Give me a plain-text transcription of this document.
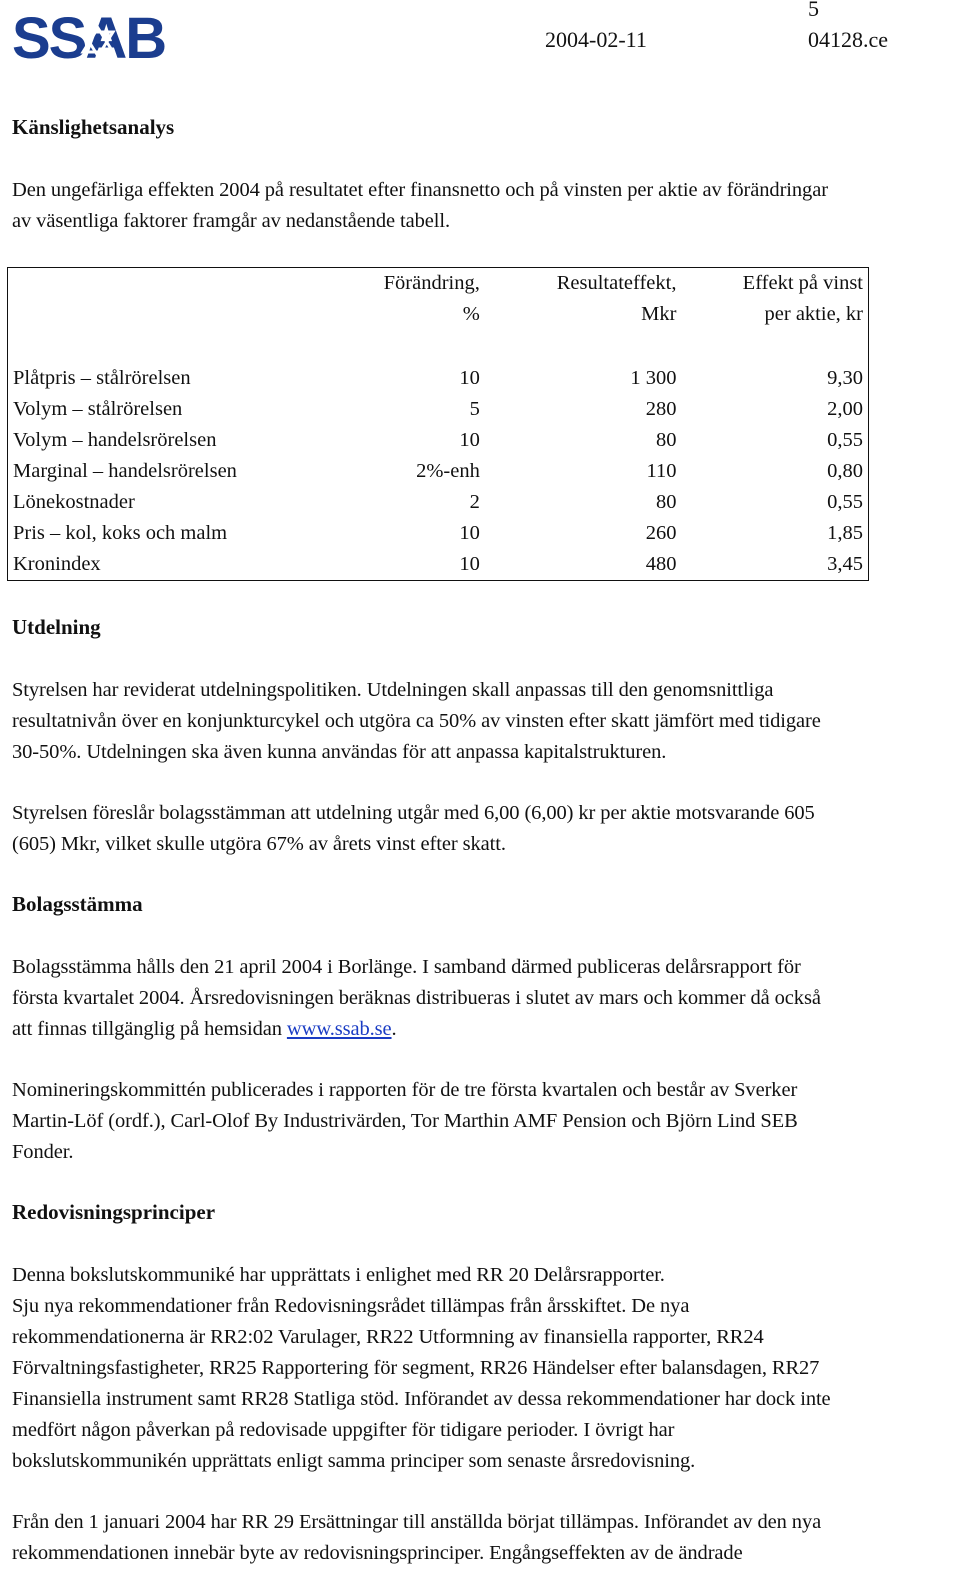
SSAB	5
2004-02-11	04128.ce
Känslighetsanalys
Den ungefärliga effekten 2004 på resultatet efter finansnetto och på vinsten per aktie av förändringar
av väsentliga faktorer framgår av nedanstående tabell.
	Förändring,	Resultateffekt,	Effekt på vinst
	%	Mkr	per aktie, kr

Plåtpris – stålrörelsen	10	1 300	9,30
Volym – stålrörelsen	5	280	2,00
Volym – handelsrörelsen	10	80	0,55
Marginal – handelsrörelsen	2%-enh	110	0,80
Lönekostnader	2	80	0,55
Pris – kol, koks och malm	10	260	1,85
Kronindex	10	480	3,45
Utdelning
Styrelsen har reviderat utdelningspolitiken. Utdelningen skall anpassas till den genomsnittliga
resultatnivån över en konjunkturcykel och utgöra ca 50% av vinsten efter skatt jämfört med tidigare
30-50%. Utdelningen ska även kunna användas för att anpassa kapitalstrukturen.
Styrelsen föreslår bolagsstämman att utdelning utgår med 6,00 (6,00) kr per aktie motsvarande 605
(605) Mkr, vilket skulle utgöra 67% av årets vinst efter skatt.
Bolagsstämma
Bolagsstämma hålls den 21 april 2004 i Borlänge. I samband därmed publiceras delårsrapport för
första kvartalet 2004. Årsredovisningen beräknas distribueras i slutet av mars och kommer då också
att finnas tillgänglig på hemsidan www.ssab.se.
Nomineringskommittén publicerades i rapporten för de tre första kvartalen och består av Sverker
Martin-Löf (ordf.), Carl-Olof By Industrivärden, Tor Marthin AMF Pension och Björn Lind SEB
Fonder.
Redovisningsprinciper
Denna bokslutskommuniké har upprättats i enlighet med RR 20 Delårsrapporter.
Sju nya rekommendationer från Redovisningsrådet tillämpas från årsskiftet. De nya
rekommendationerna är RR2:02 Varulager, RR22 Utformning av finansiella rapporter, RR24
Förvaltningsfastigheter, RR25 Rapportering för segment, RR26 Händelser efter balansdagen, RR27
Finansiella instrument samt RR28 Statliga stöd. Införandet av dessa rekommendationer har dock inte
medfört någon påverkan på redovisade uppgifter för tidigare perioder. I övrigt har
bokslutskommunikén upprättats enligt samma principer som senaste årsredovisning.
Från den 1 januari 2004 har RR 29 Ersättningar till anställda börjat tillämpas. Införandet av den nya
rekommendationen innebär byte av redovisningsprinciper. Engångseffekten av de ändrade
